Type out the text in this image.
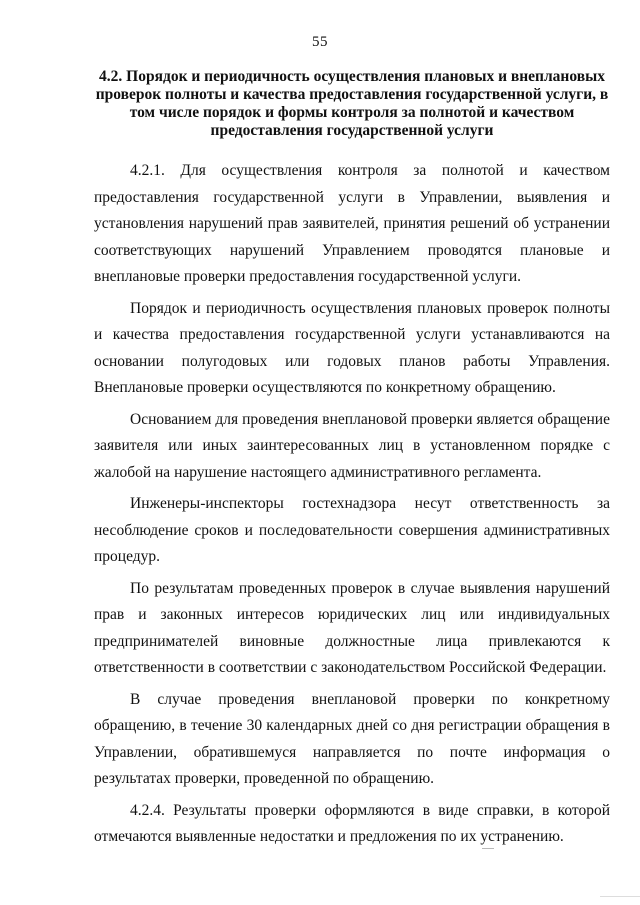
55
4.2. Порядок и периодичность осуществления плановых и внеплановых проверок полноты и качества предоставления государственной услуги, в том числе порядок и формы контроля за полнотой и качеством предоставления государственной услуги

4.2.1. Для осуществления контроля за полнотой и качеством предоставления государственной услуги в Управлении, выявления и установления нарушений прав заявителей, принятия решений об устранении соответствующих нарушений Управлением проводятся плановые и внеплановые проверки предоставления государственной услуги.

Порядок и периодичность осуществления плановых проверок полноты и качества предоставления государственной услуги устанавливаются на основании полугодовых или годовых планов работы Управления. Внеплановые проверки осуществляются по конкретному обращению.

Основанием для проведения внеплановой проверки является обращение заявителя или иных заинтересованных лиц в установленном порядке с жалобой на нарушение настоящего административного регламента.

Инженеры-инспекторы гостехнадзора несут ответственность за несоблюдение сроков и последовательности совершения административных процедур.

По результатам проведенных проверок в случае выявления нарушений прав и законных интересов юридических лиц или индивидуальных предпринимателей виновные должностные лица привлекаются к ответственности в соответствии с законодательством Российской Федерации.

В случае проведения внеплановой проверки по конкретному обращению, в течение 30 календарных дней со дня регистрации обращения в Управлении, обратившемуся направляется по почте информация о результатах проверки, проведенной по обращению.

4.2.4. Результаты проверки оформляются в виде справки, в которой отмечаются выявленные недостатки и предложения по их устранению.
